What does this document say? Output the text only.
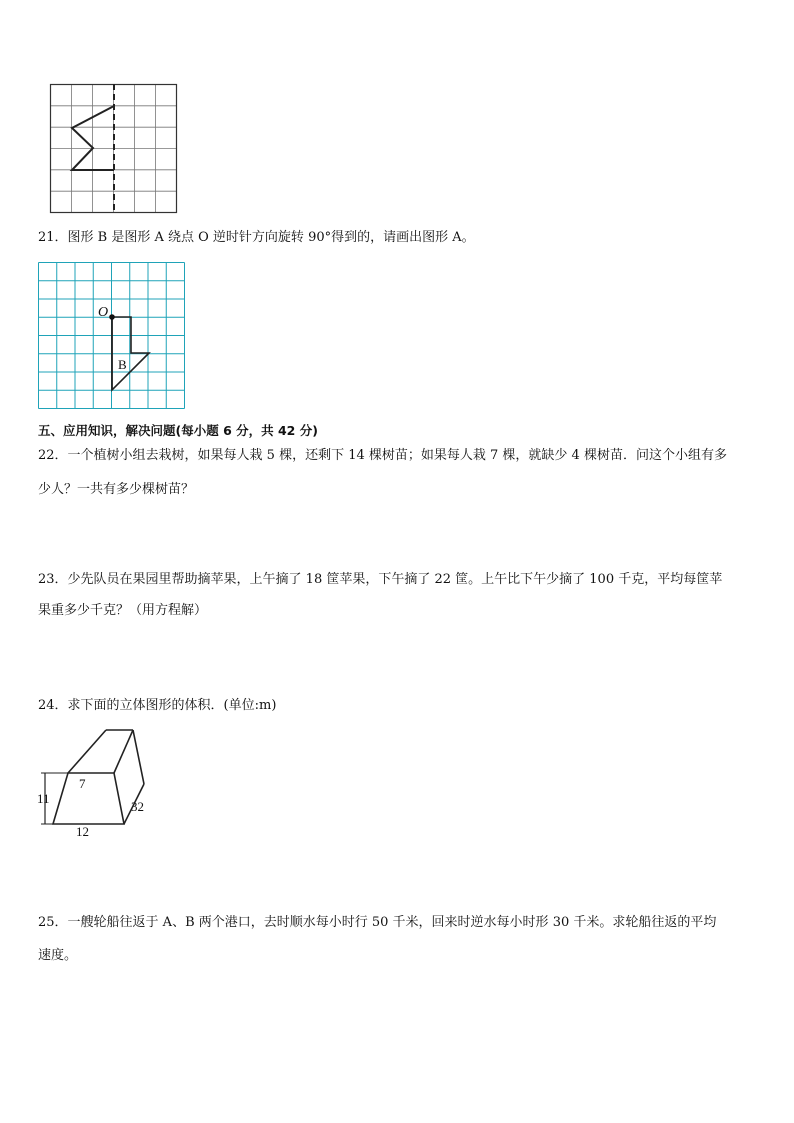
21．图形 B 是图形 A 绕点 O 逆时针方向旋转 90°得到的，请画出图形 A。
O
B
五、应用知识，解决问题(每小题 6 分，共 42 分)
22．一个植树小组去栽树，如果每人栽 5 棵，还剩下 14 棵树苗；如果每人栽 7 棵，就缺少 4 棵树苗．问这个小组有多
少人？一共有多少棵树苗？
23．少先队员在果园里帮助摘苹果，上午摘了 18 筐苹果，下午摘了 22 筐。上午比下午少摘了 100 千克，平均每筐苹
果重多少千克？（用方程解）
24．求下面的立体图形的体积．(单位:m)
11
7
12
32
25．一艘轮船往返于 A、B 两个港口，去时顺水每小时行 50 千米，回来时逆水每小时形 30 千米。求轮船往返的平均
速度。
